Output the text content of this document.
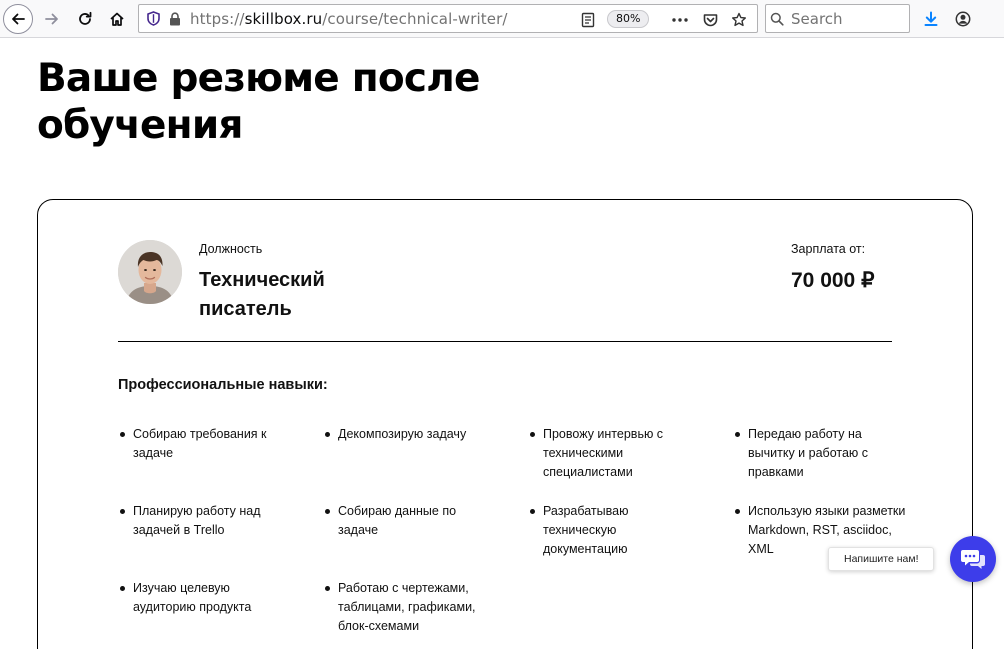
https://skillbox.ru/course/technical-writer/	80%	Search
Ваше резюме после
обучения
Должность
Технический
писатель
Зарплата от:
70 000 ₽
Профессиональные навыки:
Собираю требования к задаче
Планирую работу над задачей в Trello
Изучаю целевую аудиторию продукта
Декомпозирую задачу
Собираю данные по задаче
Работаю с чертежами, таблицами, графиками, блок-схемами
Провожу интервью с техническими специалистами
Разрабатываю техническую документацию
Передаю работу на вычитку и работаю с правками
Использую языки разметки Markdown, RST, asciidoc, XML
Напишите нам!
